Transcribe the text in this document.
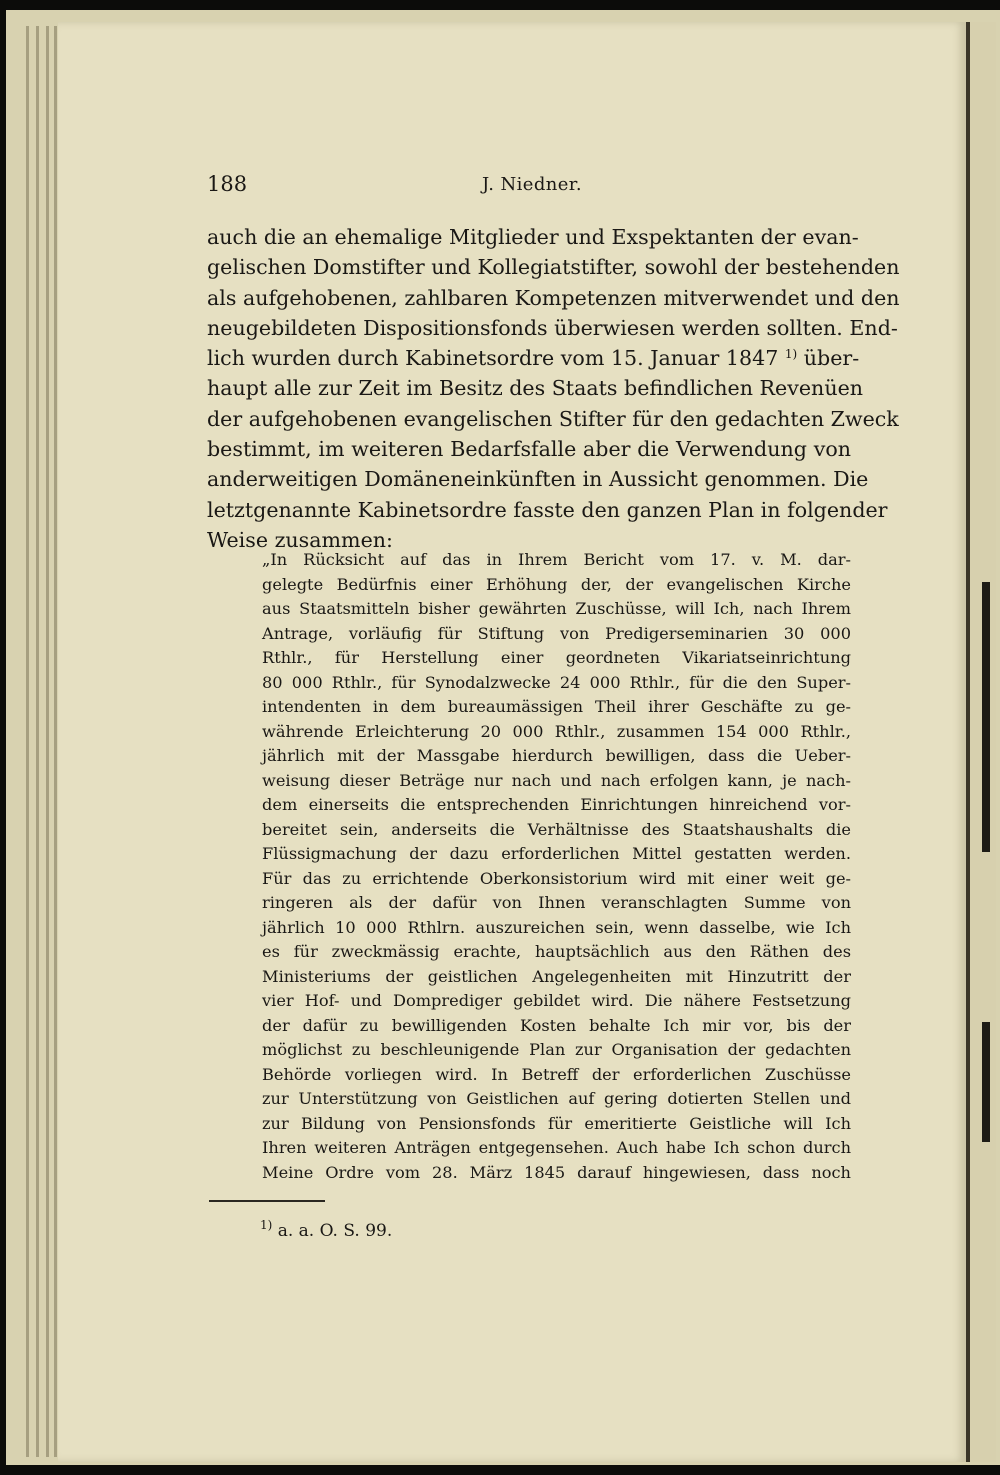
188	J. Niedner.
auch die an ehemalige Mitglieder und Exspektanten der evan-
gelischen Domstifter und Kollegiatstifter, sowohl der bestehenden
als aufgehobenen, zahlbaren Kompetenzen mitverwendet und den
neugebildeten Dispositionsfonds überwiesen werden sollten. End-
lich wurden durch Kabinetsordre vom 15. Januar 1847 $^{1)}$ über-
haupt alle zur Zeit im Besitz des Staats befindlichen Revenüen
der aufgehobenen evangelischen Stifter für den gedachten Zweck
bestimmt, im weiteren Bedarfsfalle aber die Verwendung von
anderweitigen Domäneneinkünften in Aussicht genommen. Die
letztgenannte Kabinetsordre fasste den ganzen Plan in folgender
Weise zusammen:
„In Rücksicht auf das in Ihrem Bericht vom 17. v. M. dar-
gelegte Bedürfnis einer Erhöhung der, der evangelischen Kirche
aus Staatsmitteln bisher gewährten Zuschüsse, will Ich, nach Ihrem
Antrage, vorläufig für Stiftung von Predigerseminarien 30 000
Rthlr., für Herstellung einer geordneten Vikariatseinrichtung
80 000 Rthlr., für Synodalzwecke 24 000 Rthlr., für die den Super-
intendenten in dem bureaumässigen Theil ihrer Geschäfte zu ge-
währende Erleichterung 20 000 Rthlr., zusammen 154 000 Rthlr.,
jährlich mit der Massgabe hierdurch bewilligen, dass die Ueber-
weisung dieser Beträge nur nach und nach erfolgen kann, je nach-
dem einerseits die entsprechenden Einrichtungen hinreichend vor-
bereitet sein, anderseits die Verhältnisse des Staatshaushalts die
Flüssigmachung der dazu erforderlichen Mittel gestatten werden.
Für das zu errichtende Oberkonsistorium wird mit einer weit ge-
ringeren als der dafür von Ihnen veranschlagten Summe von
jährlich 10 000 Rthlrn. auszureichen sein, wenn dasselbe, wie Ich
es für zweckmässig erachte, hauptsächlich aus den Räthen des
Ministeriums der geistlichen Angelegenheiten mit Hinzutritt der
vier Hof- und Domprediger gebildet wird. Die nähere Festsetzung
der dafür zu bewilligenden Kosten behalte Ich mir vor, bis der
möglichst zu beschleunigende Plan zur Organisation der gedachten
Behörde vorliegen wird. In Betreff der erforderlichen Zuschüsse
zur Unterstützung von Geistlichen auf gering dotierten Stellen und
zur Bildung von Pensionsfonds für emeritierte Geistliche will Ich
Ihren weiteren Anträgen entgegensehen. Auch habe Ich schon durch
Meine Ordre vom 28. März 1845 darauf hingewiesen, dass noch
$^{1)}$ a. a. O. S. 99.
